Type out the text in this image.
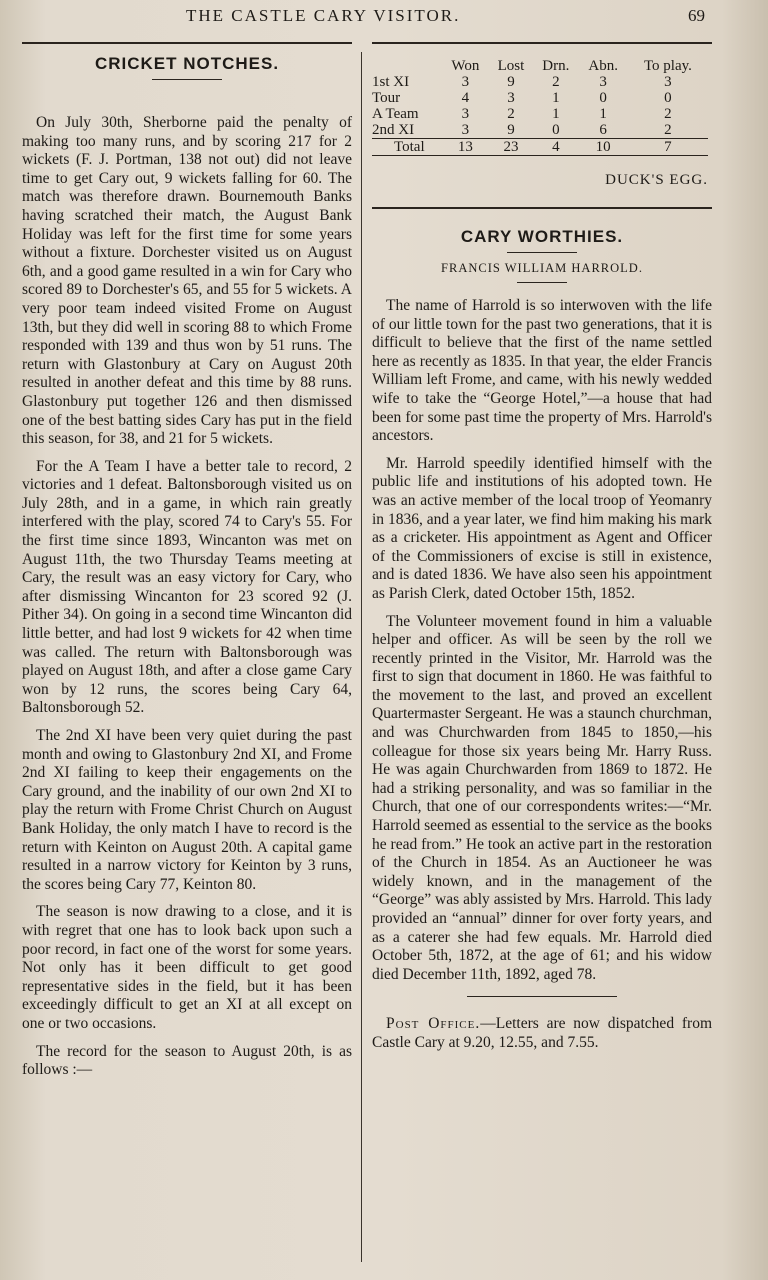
THE CASTLE CARY VISITOR.	69
CRICKET NOTCHES.

On July 30th, Sherborne paid the penalty of making too many runs, and by scoring 217 for 2 wickets (F. J. Portman, 138 not out) did not leave time to get Cary out, 9 wickets falling for 60. The match was therefore drawn. Bournemouth Banks having scratched their match, the August Bank Holiday was left for the first time for some years without a fixture. Dorchester visited us on August 6th, and a good game resulted in a win for Cary who scored 89 to Dorchester's 65, and 55 for 5 wickets. A very poor team indeed visited Frome on August 13th, but they did well in scoring 88 to which Frome responded with 139 and thus won by 51 runs. The return with Glastonbury at Cary on August 20th resulted in another defeat and this time by 88 runs. Glastonbury put together 126 and then dismissed one of the best batting sides Cary has put in the field this season, for 38, and 21 for 5 wickets.

For the A Team I have a better tale to record, 2 victories and 1 defeat. Baltonsborough visited us on July 28th, and in a game, in which rain greatly interfered with the play, scored 74 to Cary's 55. For the first time since 1893, Wincanton was met on August 11th, the two Thursday Teams meeting at Cary, the result was an easy victory for Cary, who after dismissing Wincanton for 23 scored 92 (J. Pither 34). On going in a second time Wincanton did little better, and had lost 9 wickets for 42 when time was called. The return with Baltonsborough was played on August 18th, and after a close game Cary won by 12 runs, the scores being Cary 64, Baltonsborough 52.

The 2nd XI have been very quiet during the past month and owing to Glastonbury 2nd XI, and Frome 2nd XI failing to keep their engagements on the Cary ground, and the inability of our own 2nd XI to play the return with Frome Christ Church on August Bank Holiday, the only match I have to record is the return with Keinton on August 20th. A capital game resulted in a narrow victory for Keinton by 3 runs, the scores being Cary 77, Keinton 80.

The season is now drawing to a close, and it is with regret that one has to look back upon such a poor record, in fact one of the worst for some years. Not only has it been difficult to get good representative sides in the field, but it has been exceedingly difficult to get an XI at all except on one or two occasions.

The record for the season to August 20th, is as follows :—

	Won	Lost	Drn.	Abn.	To play.
1st XI	3	9	2	3	3
Tour	4	3	1	0	0
A Team	3	2	1	1	2
2nd XI	3	9	0	6	2
Total	13	23	4	10	7
DUCK'S EGG.
CARY WORTHIES.
FRANCIS WILLIAM HARROLD.

The name of Harrold is so interwoven with the life of our little town for the past two generations, that it is difficult to believe that the first of the name settled here as recently as 1835. In that year, the elder Francis William left Frome, and came, with his newly wedded wife to take the “George Hotel,”—a house that had been for some past time the property of Mrs. Harrold's ancestors.

Mr. Harrold speedily identified himself with the public life and institutions of his adopted town. He was an active member of the local troop of Yeomanry in 1836, and a year later, we find him making his mark as a cricketer. His appointment as Agent and Officer of the Commissioners of excise is still in existence, and is dated 1836. We have also seen his appointment as Parish Clerk, dated October 15th, 1852.

The Volunteer movement found in him a valuable helper and officer. As will be seen by the roll we recently printed in the Visitor, Mr. Harrold was the first to sign that document in 1860. He was faithful to the movement to the last, and proved an excellent Quartermaster Sergeant. He was a staunch churchman, and was Churchwarden from 1845 to 1850,—his colleague for those six years being Mr. Harry Russ. He was again Churchwarden from 1869 to 1872. He had a striking personality, and was so familiar in the Church, that one of our correspondents writes:—“Mr. Harrold seemed as essential to the service as the books he read from.” He took an active part in the restoration of the Church in 1854. As an Auctioneer he was widely known, and in the management of the “George” was ably assisted by Mrs. Harrold. This lady provided an “annual” dinner for over forty years, and as a caterer she had few equals. Mr. Harrold died October 5th, 1872, at the age of 61; and his widow died December 11th, 1892, aged 78.

Post Office.—Letters are now dispatched from Castle Cary at 9.20, 12.55, and 7.55.
